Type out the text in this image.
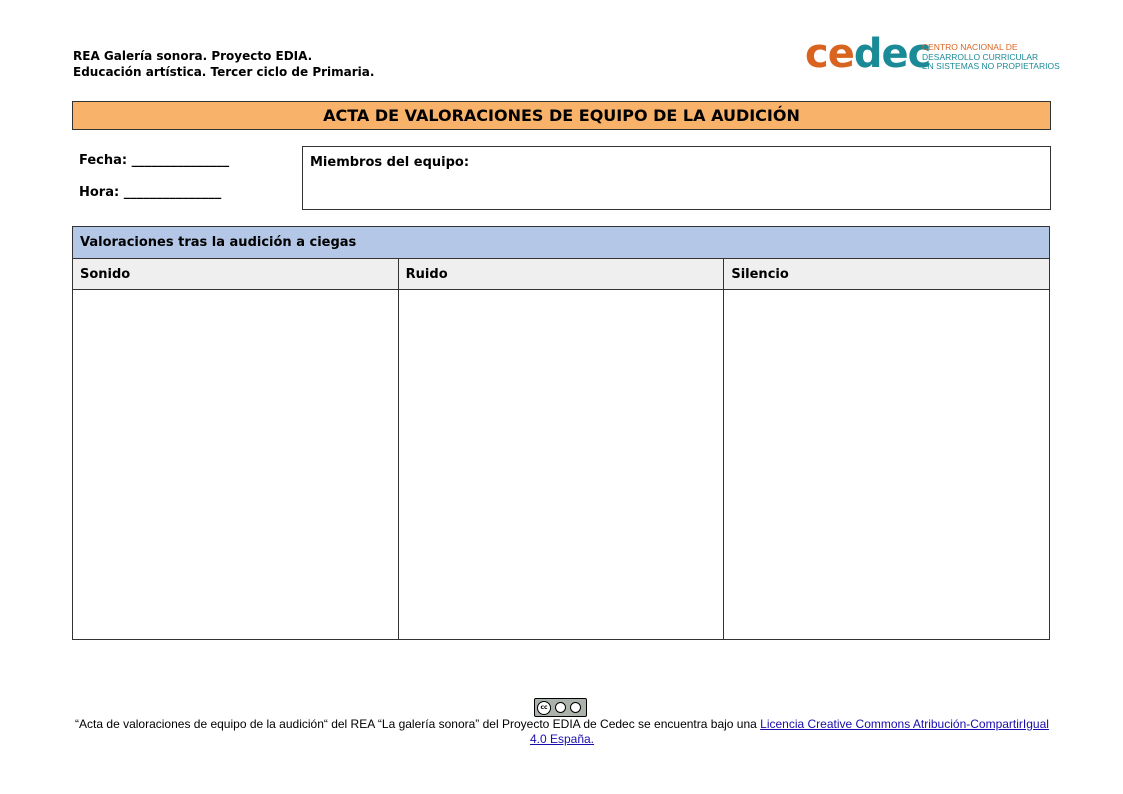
REA Galería sonora. Proyecto EDIA.
Educación artística. Tercer ciclo de Primaria.	cedec
CENTRO NACIONAL DE
DESARROLLO CURRICULAR
EN SISTEMAS NO PROPIETARIOS
ACTA DE VALORACIONES DE EQUIPO DE LA AUDICIÓN
Fecha: _______________
Hora: _______________
Miembros del equipo:
Valoraciones tras la audición a ciegas
Sonido	Ruido	Silencio
cc
“Acta de valoraciones de equipo de la audición“ del REA “La galería sonora” del Proyecto EDIA de Cedec se encuentra bajo una Licencia Creative Commons Atribución-CompartirIgual 4.0 España.
